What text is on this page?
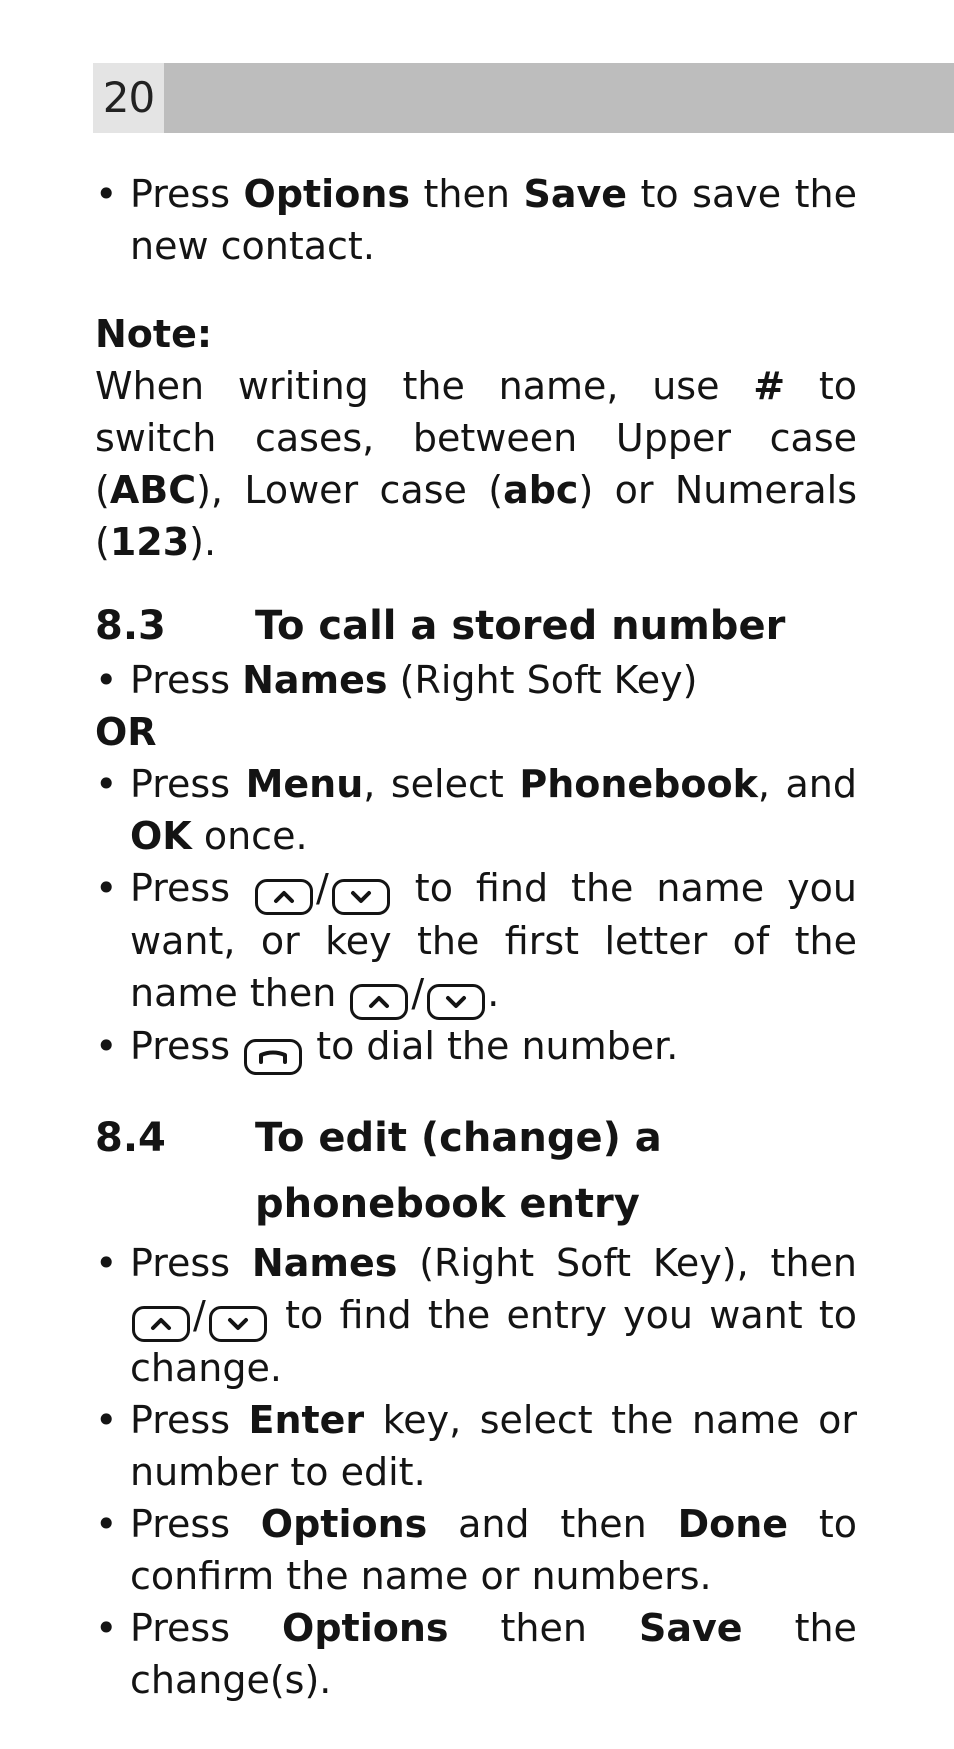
20

• Press Options then Save to save the new contact.

Note:

When writing the name, use # to switch cases, between Upper case (ABC), Lower case (abc) or Numerals (123).

8.3	To call a stored number

• Press Names (Right Soft Key)

OR

• Press Menu, select Phonebook, and OK once.

• Press / to find the name you want, or key the first letter of the name then / .

• Press to dial the number.

8.4	To edit (change) a
phonebook entry

• Press Names (Right Soft Key), then
/ to find the entry you want to change.

• Press Enter key, select the name or number to edit.

• Press Options and then Done to confirm the name or numbers.

• Press Options then Save the change(s).
